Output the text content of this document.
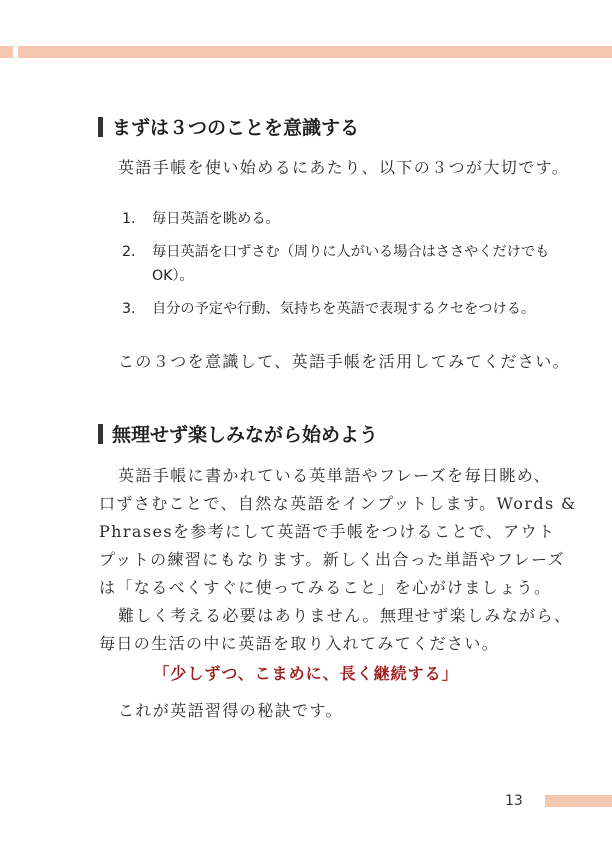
まずは３つのことを意識する
英語手帳を使い始めるにあたり、以下の３つが大切です。
1. 毎日英語を眺める。
2. 毎日英語を口ずさむ（周りに人がいる場合はささやくだけでも
OK）。
3. 自分の予定や行動、気持ちを英語で表現するクセをつける。
この３つを意識して、英語手帳を活用してみてください。
無理せず楽しみながら始めよう
英語手帳に書かれている英単語やフレーズを毎日眺め、
口ずさむことで、自然な英語をインプットします。Words &
Phrasesを参考にして英語で手帳をつけることで、アウト
プットの練習にもなります。新しく出合った単語やフレーズ
は「なるべくすぐに使ってみること」を心がけましょう。
難しく考える必要はありません。無理せず楽しみながら、
毎日の生活の中に英語を取り入れてみてください。
「少しずつ、こまめに、長く継続する」
これが英語習得の秘訣です。
13
